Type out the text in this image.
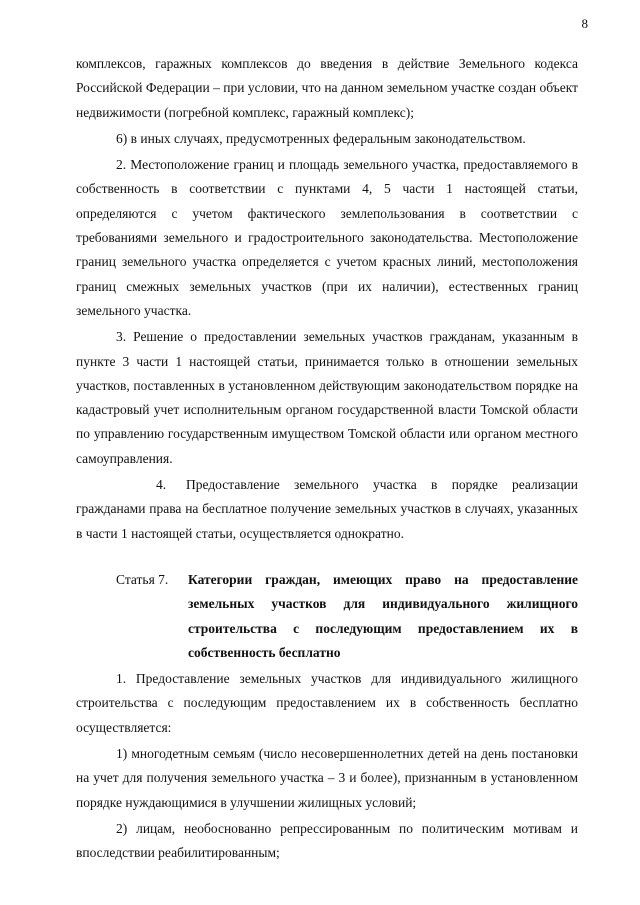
8

комплексов, гаражных комплексов до введения в действие Земельного кодекса Российской Федерации – при условии, что на данном земельном участке создан объект недвижимости (погребной комплекс, гаражный комплекс);

6) в иных случаях, предусмотренных федеральным законодательством.

2. Местоположение границ и площадь земельного участка, предоставляемого в собственность в соответствии с пунктами 4, 5 части 1 настоящей статьи, определяются с учетом фактического землепользования в соответствии с требованиями земельного и градостроительного законодательства. Местоположение границ земельного участка определяется с учетом красных линий, местоположения границ смежных земельных участков (при их наличии), естественных границ земельного участка.

3. Решение о предоставлении земельных участков гражданам, указанным в пункте 3 части 1 настоящей статьи, принимается только в отношении земельных участков, поставленных в установленном действующим законодательством порядке на кадастровый учет исполнительным органом государственной власти Томской области по управлению государственным имуществом Томской области или органом местного самоуправления.

4. Предоставление земельного участка в порядке реализации гражданами права на бесплатное получение земельных участков в случаях, указанных в части 1 настоящей статьи, осуществляется однократно.

Статья 7.	Категории граждан, имеющих право на предоставление земельных участков для индивидуального жилищного строительства с последующим предоставлением их в собственность бесплатно

1. Предоставление земельных участков для индивидуального жилищного строительства с последующим предоставлением их в собственность бесплатно осуществляется:

1) многодетным семьям (число несовершеннолетних детей на день постановки на учет для получения земельного участка – 3 и более), признанным в установленном порядке нуждающимися в улучшении жилищных условий;

2) лицам, необоснованно репрессированным по политическим мотивам и впоследствии реабилитированным;
